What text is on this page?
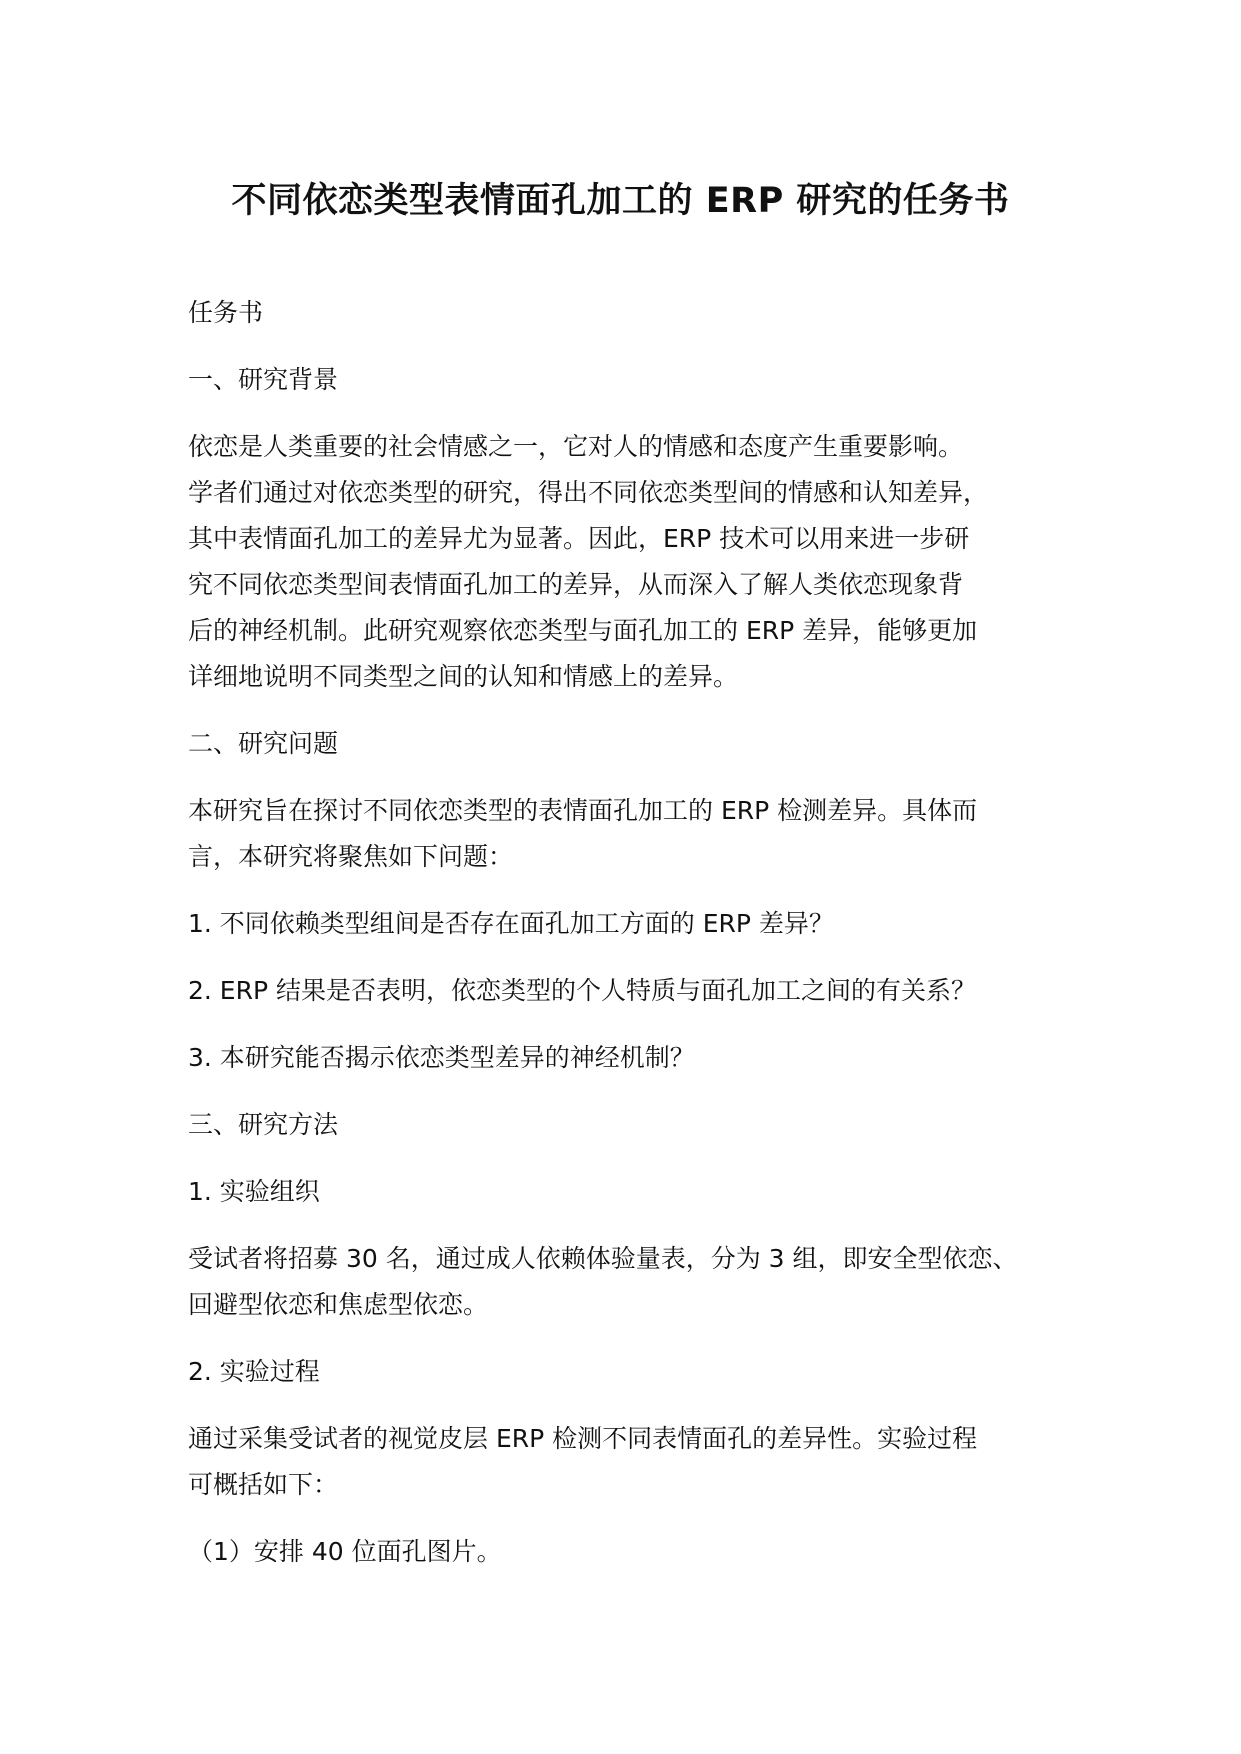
不同依恋类型表情面孔加工的 ERP 研究的任务书
任务书
一、研究背景
依恋是人类重要的社会情感之一，它对人的情感和态度产生重要影响。
学者们通过对依恋类型的研究，得出不同依恋类型间的情感和认知差异，
其中表情面孔加工的差异尤为显著。因此，ERP 技术可以用来进一步研
究不同依恋类型间表情面孔加工的差异，从而深入了解人类依恋现象背
后的神经机制。此研究观察依恋类型与面孔加工的 ERP 差异，能够更加
详细地说明不同类型之间的认知和情感上的差异。
二、研究问题
本研究旨在探讨不同依恋类型的表情面孔加工的 ERP 检测差异。具体而
言，本研究将聚焦如下问题：
1. 不同依赖类型组间是否存在面孔加工方面的 ERP 差异？
2. ERP 结果是否表明，依恋类型的个人特质与面孔加工之间的有关系？
3. 本研究能否揭示依恋类型差异的神经机制？
三、研究方法
1. 实验组织
受试者将招募 30 名，通过成人依赖体验量表，分为 3 组，即安全型依恋、
回避型依恋和焦虑型依恋。
2. 实验过程
通过采集受试者的视觉皮层 ERP 检测不同表情面孔的差异性。实验过程
可概括如下：
（1）安排 40 位面孔图片。
